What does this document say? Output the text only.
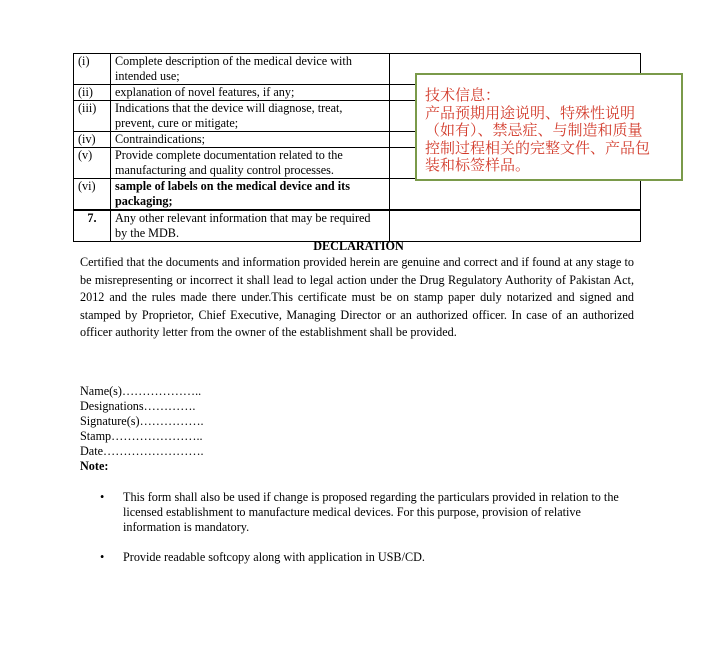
(i)	Complete description of the medical device with intended use;	
(ii)	explanation of novel features, if any;	
(iii)	Indications that the device will diagnose, treat, prevent, cure or mitigate;	
(iv)	Contraindications;	
(v)	Provide complete documentation related to the manufacturing and quality control processes.	
(vi)	sample of labels on the medical device and its packaging;	
7.	Any other relevant information that may be required by the MDB.	
技术信息：
产品预期用途说明、特殊性说明
（如有）、禁忌症、与制造和质量
控制过程相关的完整文件、产品包
装和标签样品。
DECLARATION
Certified that the documents and information provided herein are genuine and correct and if found at any stage to be misrepresenting or incorrect it shall lead to legal action under the Drug Regulatory Authority of Pakistan Act, 2012 and the rules made there under.This certificate must be on stamp paper duly notarized and signed and stamped by Proprietor, Chief Executive, Managing Director or an authorized officer. In case of an authorized officer authority letter from the owner of the establishment shall be provided.
Name(s)………………..
Designations………….
Signature(s)…………….
Stamp…………………..
Date…………………….
Note:
•	This form shall also be used if change is proposed regarding the particulars provided in relation to the licensed establishment to manufacture medical devices. For this purpose, provision of relative information is mandatory.
•	Provide readable softcopy along with application in USB/CD.
